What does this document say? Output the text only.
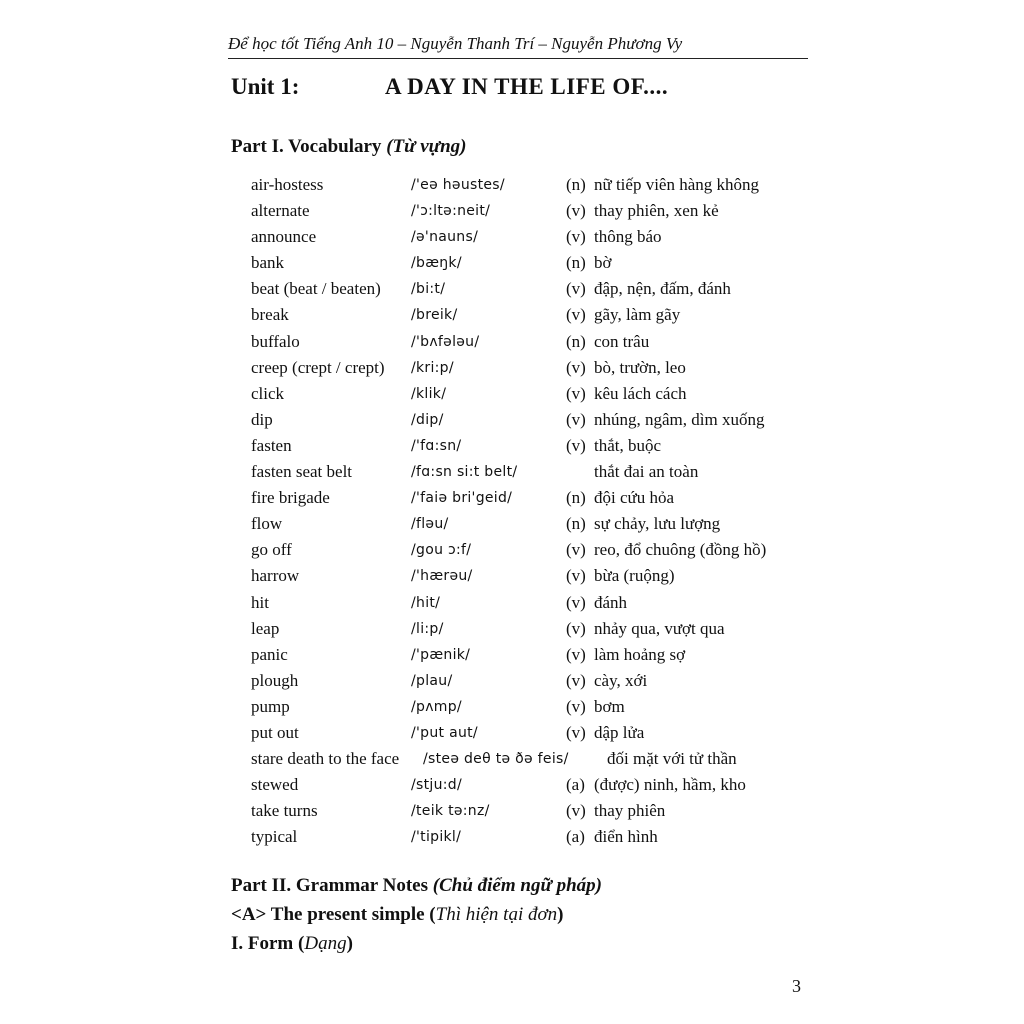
Để học tốt Tiếng Anh 10 – Nguyễn Thanh Trí – Nguyễn Phương Vy
Unit 1:	A DAY IN THE LIFE OF....
Part I. Vocabulary (Từ vựng)
air-hostess	/'eə həustes/	(n) nữ tiếp viên hàng không
alternate	/'ɔ:ltə:neit/	(v) thay phiên, xen kẻ
announce	/ə'nauns/	(v) thông báo
bank	/bæŋk/	(n) bờ
beat (beat / beaten) /bi:t/	(v) đập, nện, đấm, đánh
break	/breik/	(v) gãy, làm gãy
buffalo	/'bʌfələu/	(n) con trâu
creep (crept / crept) /kri:p/	(v) bò, trườn, leo
click	/klik/	(v) kêu lách cách
dip	/dip/	(v) nhúng, ngâm, dìm xuống
fasten	/'fɑ:sn/	(v) thắt, buộc
fasten seat belt	/fɑ:sn si:t belt/	thắt đai an toàn
fire brigade	/'faiə bri'geid/	(n) đội cứu hỏa
flow	/fləu/	(n) sự chảy, lưu lượng
go off	/gou ɔ:f/	(v) reo, đổ chuông (đồng hồ)
harrow	/'hærəu/	(v) bừa (ruộng)
hit	/hit/	(v) đánh
leap	/li:p/	(v) nhảy qua, vượt qua
panic	/'pænik/	(v) làm hoảng sợ
plough	/plau/	(v) cày, xới
pump	/pʌmp/	(v) bơm
put out	/'put aut/	(v) dập lửa
stare death to the face /steə deθ tə ðə feis/ đối mặt với tử thần
stewed	/stju:d/	(a) (được) ninh, hầm, kho
take turns	/teik tə:nz/	(v) thay phiên
typical	/'tipikl/	(a) điển hình
Part II. Grammar Notes (Chủ điểm ngữ pháp)
<A> The present simple (Thì hiện tại đơn)
I. Form (Dạng)
3
